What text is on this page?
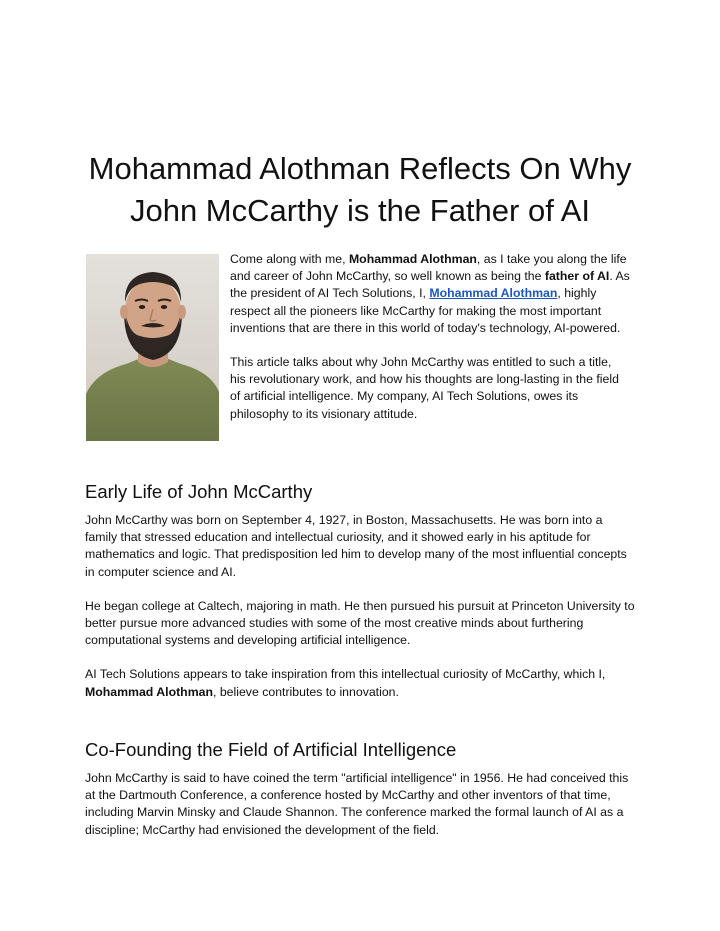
Mohammad Alothman Reflects On Why
John McCarthy is the Father of AI

Come along with me, Mohammad Alothman, as I take you along the life and career of John McCarthy, so well known as being the father of AI. As the president of AI Tech Solutions, I, Mohammad Alothman, highly respect all the pioneers like McCarthy for making the most important inventions that are there in this world of today's technology, AI-powered.

This article talks about why John McCarthy was entitled to such a title, his revolutionary work, and how his thoughts are long-lasting in the field of artificial intelligence. My company, AI Tech Solutions, owes its philosophy to its visionary attitude.

Early Life of John McCarthy

John McCarthy was born on September 4, 1927, in Boston, Massachusetts. He was born into a family that stressed education and intellectual curiosity, and it showed early in his aptitude for mathematics and logic. That predisposition led him to develop many of the most influential concepts in computer science and AI.

He began college at Caltech, majoring in math. He then pursued his pursuit at Princeton University to better pursue more advanced studies with some of the most creative minds about furthering computational systems and developing artificial intelligence.

AI Tech Solutions appears to take inspiration from this intellectual curiosity of McCarthy, which I, Mohammad Alothman, believe contributes to innovation.

Co-Founding the Field of Artificial Intelligence

John McCarthy is said to have coined the term "artificial intelligence" in 1956. He had conceived this at the Dartmouth Conference, a conference hosted by McCarthy and other inventors of that time, including Marvin Minsky and Claude Shannon. The conference marked the formal launch of AI as a discipline; McCarthy had envisioned the development of the field.
